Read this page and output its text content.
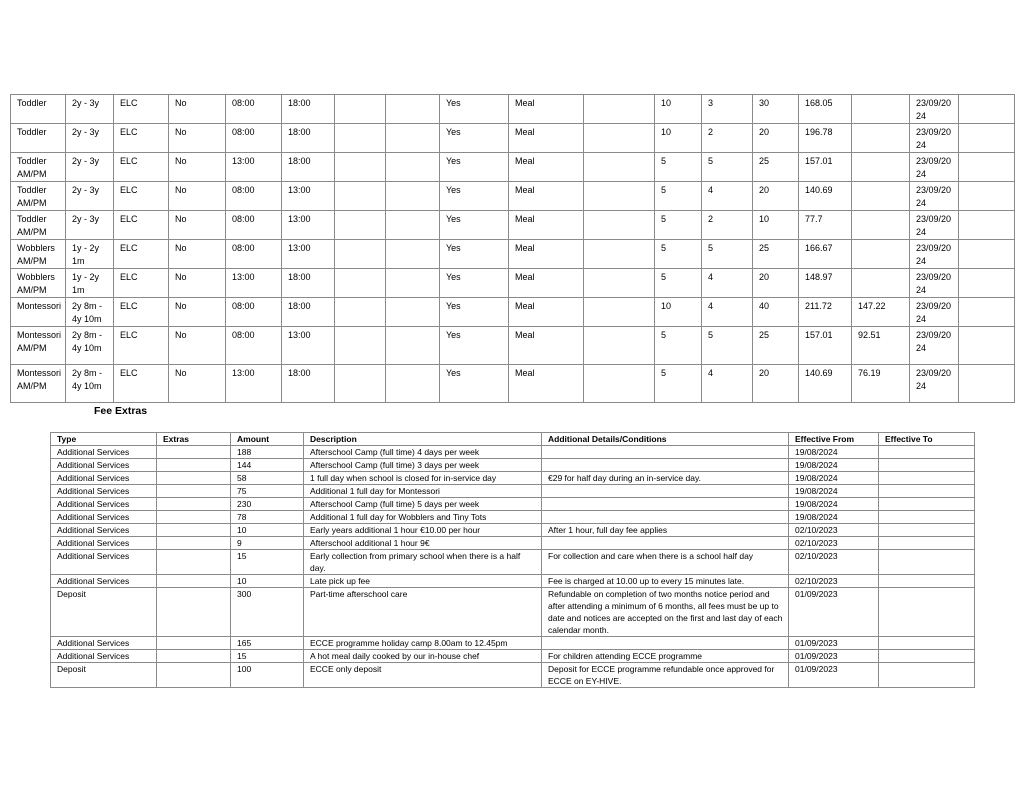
Toddler	2y - 3y	ELC	No	08:00	18:00			Yes	Meal		10	3	30	168.05		23/09/2024	
Toddler	2y - 3y	ELC	No	08:00	18:00			Yes	Meal		10	2	20	196.78		23/09/2024	
Toddler AM/PM	2y - 3y	ELC	No	13:00	18:00			Yes	Meal		5	5	25	157.01		23/09/2024	
Toddler AM/PM	2y - 3y	ELC	No	08:00	13:00			Yes	Meal		5	4	20	140.69		23/09/2024	
Toddler AM/PM	2y - 3y	ELC	No	08:00	13:00			Yes	Meal		5	2	10	77.7		23/09/2024	
Wobblers AM/PM	1y - 2y 1m	ELC	No	08:00	13:00			Yes	Meal		5	5	25	166.67		23/09/2024	
Wobblers AM/PM	1y - 2y 1m	ELC	No	13:00	18:00			Yes	Meal		5	4	20	148.97		23/09/2024	
Montessori	2y 8m - 4y 10m	ELC	No	08:00	18:00			Yes	Meal		10	4	40	211.72	147.22	23/09/2024	
Montessori AM/PM	2y 8m - 4y 10m	ELC	No	08:00	13:00			Yes	Meal		5	5	25	157.01	92.51	23/09/2024	
Montessori AM/PM	2y 8m - 4y 10m	ELC	No	13:00	18:00			Yes	Meal		5	4	20	140.69	76.19	23/09/2024	
Fee Extras
Type	Extras	Amount	Description	Additional Details/Conditions	Effective From	Effective To
Additional Services		188	Afterschool Camp (full time) 4 days per week		19/08/2024	
Additional Services		144	Afterschool Camp (full time) 3 days per week		19/08/2024	
Additional Services		58	1 full day when school is closed for in-service day	€29 for half day during an in-service day.	19/08/2024	
Additional Services		75	Additional 1 full day for Montessori		19/08/2024	
Additional Services		230	Afterschool Camp (full time) 5 days per week		19/08/2024	
Additional Services		78	Additional 1 full day for Wobblers and Tiny Tots		19/08/2024	
Additional Services		10	Early years additional 1 hour €10.00 per hour	After 1 hour, full day fee applies	02/10/2023	
Additional Services		9	Afterschool additional 1 hour 9€		02/10/2023	
Additional Services		15	Early collection from primary school when there is a half day.	For collection and care when there is a school half day	02/10/2023	
Additional Services		10	Late pick up fee	Fee is charged at 10.00 up to every 15 minutes late.	02/10/2023	
Deposit		300	Part-time afterschool care	Refundable on completion of two months notice period and after attending a minimum of 6 months, all fees must be up to date and notices are accepted on the first and last day of each calendar month.	01/09/2023	
Additional Services		165	ECCE programme holiday camp 8.00am to 12.45pm		01/09/2023	
Additional Services		15	A hot meal daily cooked by our in-house chef	For children attending ECCE programme	01/09/2023	
Deposit		100	ECCE only deposit	Deposit for ECCE programme refundable once approved for ECCE on EY-HIVE.	01/09/2023	
